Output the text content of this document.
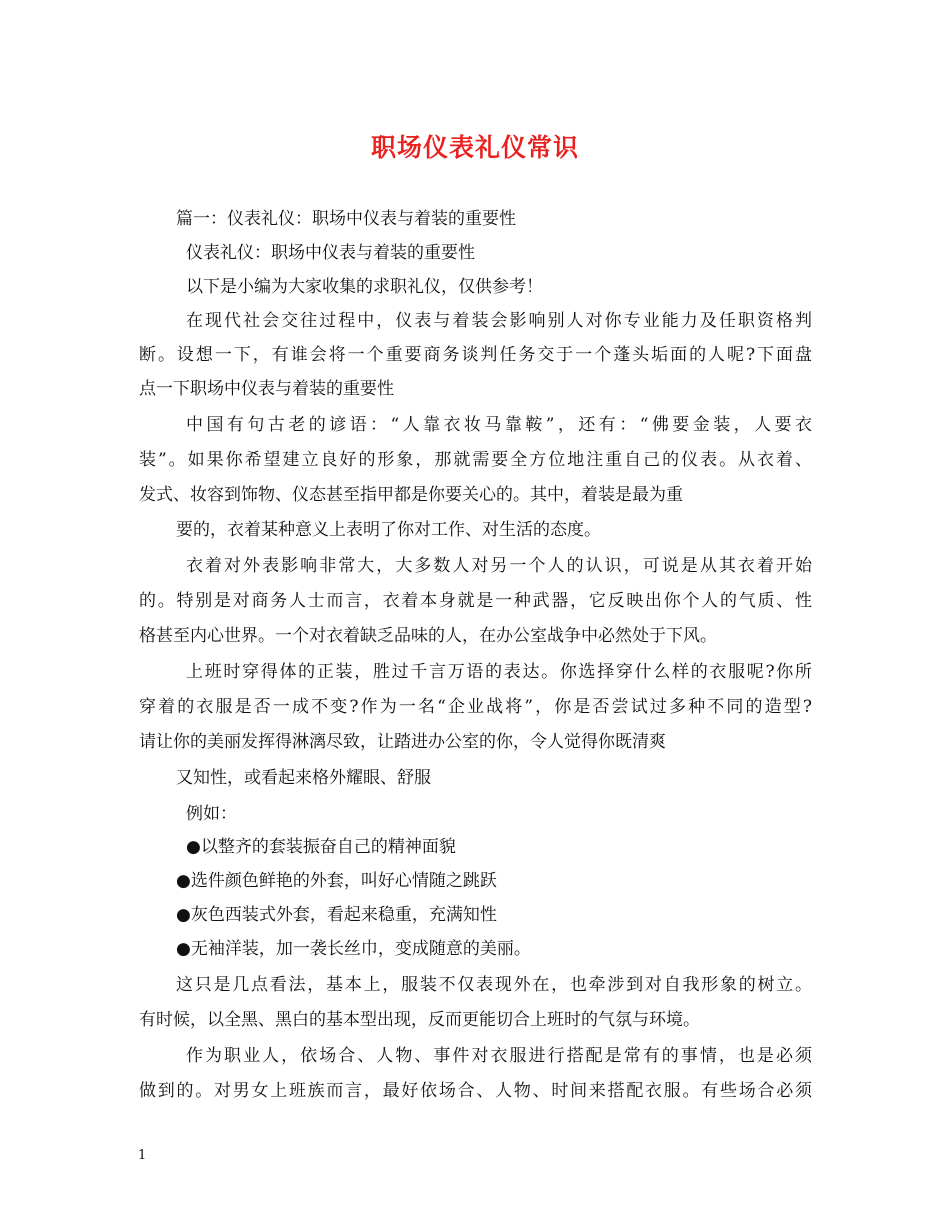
职场仪表礼仪常识
篇一：仪表礼仪：职场中仪表与着装的重要性
仪表礼仪：职场中仪表与着装的重要性
以下是小编为大家收集的求职礼仪，仅供参考！
在现代社会交往过程中，仪表与着装会影响别人对你专业能力及任职资格判
断。设想一下，有谁会将一个重要商务谈判任务交于一个蓬头垢面的人呢?下面盘
点一下职场中仪表与着装的重要性
中国有句古老的谚语：“人靠衣妆马靠鞍”，还有：“佛要金装，人要衣
装”。如果你希望建立良好的形象，那就需要全方位地注重自己的仪表。从衣着、
发式、妆容到饰物、仪态甚至指甲都是你要关心的。其中，着装是最为重
要的，衣着某种意义上表明了你对工作、对生活的态度。
衣着对外表影响非常大，大多数人对另一个人的认识，可说是从其衣着开始
的。特别是对商务人士而言，衣着本身就是一种武器，它反映出你个人的气质、性
格甚至内心世界。一个对衣着缺乏品味的人，在办公室战争中必然处于下风。
上班时穿得体的正装，胜过千言万语的表达。你选择穿什么样的衣服呢?你所
穿着的衣服是否一成不变?作为一名“企业战将”，你是否尝试过多种不同的造型?
请让你的美丽发挥得淋漓尽致，让踏进办公室的你，令人觉得你既清爽
又知性，或看起来格外耀眼、舒服
例如：
●以整齐的套装振奋自己的精神面貌
●选件颜色鲜艳的外套，叫好心情随之跳跃
●灰色西装式外套，看起来稳重，充满知性
●无袖洋装，加一袭长丝巾，变成随意的美丽。
这只是几点看法，基本上，服装不仅表现外在，也牵涉到对自我形象的树立。
有时候，以全黑、黑白的基本型出现，反而更能切合上班时的气氛与环境。
作为职业人，依场合、人物、事件对衣服进行搭配是常有的事情，也是必须
做到的。对男女上班族而言，最好依场合、人物、时间来搭配衣服。有些场合必须
1
